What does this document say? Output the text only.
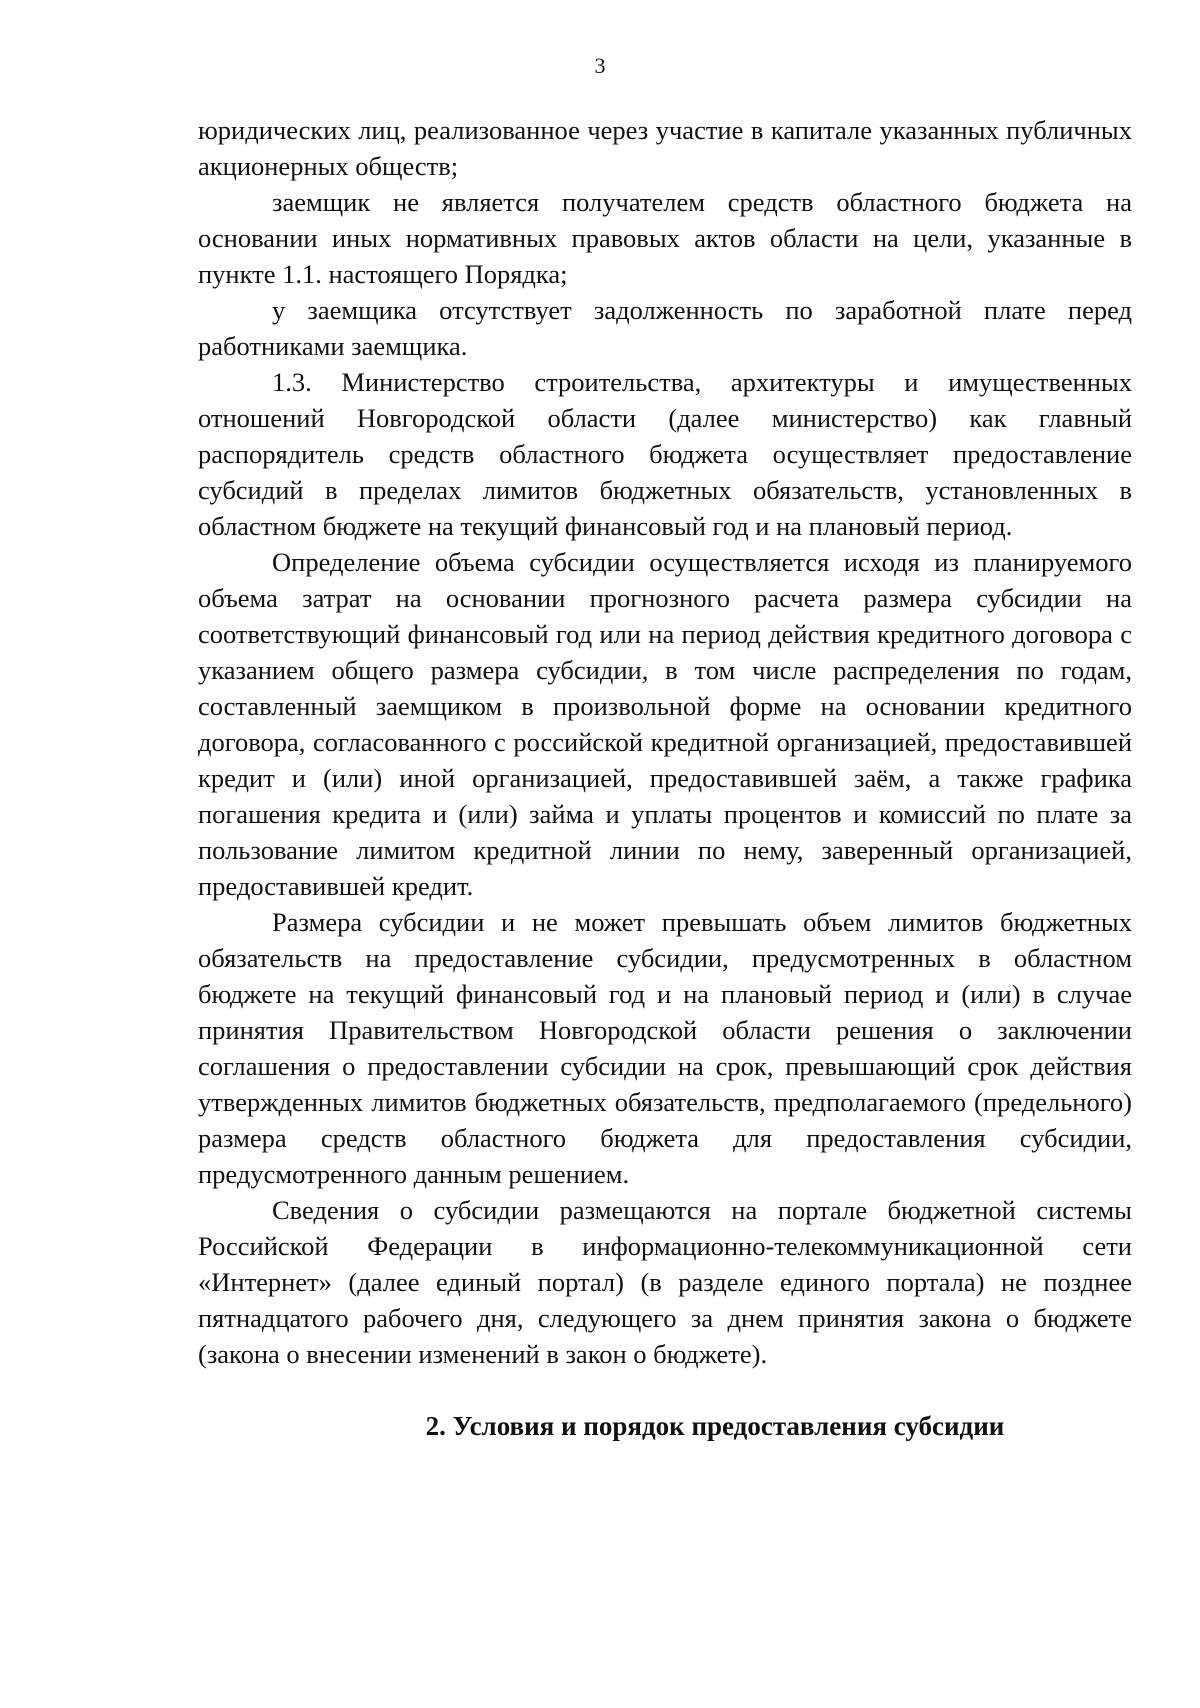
3

юридических лиц, реализованное через участие в капитале указанных публичных акционерных обществ;

заемщик не является получателем средств областного бюджета на основании иных нормативных правовых актов области на цели, указанные в пункте 1.1. настоящего Порядка;

у заемщика отсутствует задолженность по заработной плате перед работниками заемщика.

1.3. Министерство строительства, архитектуры и имущественных отношений Новгородской области (далее министерство) как главный распорядитель средств областного бюджета осуществляет предоставление субсидий в пределах лимитов бюджетных обязательств, установленных в областном бюджете на текущий финансовый год и на плановый период.

Определение объема субсидии осуществляется исходя из планируемого объема затрат на основании прогнозного расчета размера субсидии на соответствующий финансовый год или на период действия кредитного договора с указанием общего размера субсидии, в том числе распределения по годам, составленный заемщиком в произвольной форме на основании кредитного договора, согласованного с российской кредитной организацией, предоставившей кредит и (или) иной организацией, предоставившей заём, а также графика погашения кредита и (или) займа и уплаты процентов и комиссий по плате за пользование лимитом кредитной линии по нему, заверенный организацией, предоставившей кредит.

Размера субсидии и не может превышать объем лимитов бюджетных обязательств на предоставление субсидии, предусмотренных в областном бюджете на текущий финансовый год и на плановый период и (или) в случае принятия Правительством Новгородской области решения о заключении соглашения о предоставлении субсидии на срок, превышающий срок действия утвержденных лимитов бюджетных обязательств, предполагаемого (предельного) размера средств областного бюджета для предоставления субсидии, предусмотренного данным решением.

Сведения о субсидии размещаются на портале бюджетной системы Российской Федерации в информационно-телекоммуникационной сети «Интернет» (далее единый портал) (в разделе единого портала) не позднее пятнадцатого рабочего дня, следующего за днем принятия закона о бюджете (закона о внесении изменений в закон о бюджете).

2. Условия и порядок предоставления субсидии
